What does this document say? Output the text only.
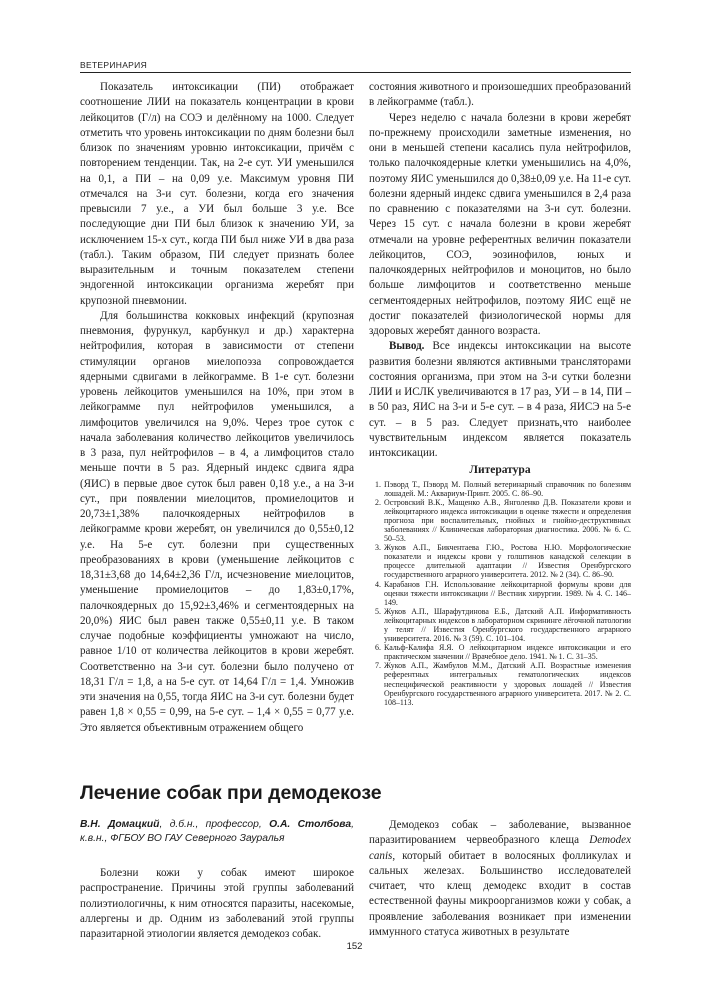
ВЕТЕРИНАРИЯ

Показатель интоксикации (ПИ) отображает соотношение ЛИИ на показатель концентрации в крови лейкоцитов (Г/л) на СОЭ и делённому на 1000. Следует отметить что уровень интоксикации по дням болезни был близок по значениям уровню интоксикации, причём с повторением тенденции. Так, на 2-е сут. УИ уменьшился на 0,1, а ПИ – на 0,09 у.е. Максимум уровня ПИ отмечался на 3-и сут. болезни, когда его значения превысили 7 у.е., а УИ был больше 3 у.е. Все последующие дни ПИ был близок к значению УИ, за исключением 15-х сут., когда ПИ был ниже УИ в два раза (табл.). Таким образом, ПИ следует признать более выразительным и точным показателем степени эндогенной интоксикации организма жеребят при крупозной пневмонии.

Для большинства кокковых инфекций (крупозная пневмония, фурункул, карбункул и др.) характерна нейтрофилия, которая в зависимости от степени стимуляции органов миелопоэза сопровождается ядерными сдвигами в лейкограмме. В 1-е сут. болезни уровень лейкоцитов уменьшился на 10%, при этом в лейкограмме пул нейтрофилов уменьшился, а лимфоцитов увеличился на 9,0%. Через трое суток с начала заболевания количество лейкоцитов увеличилось в 3 раза, пул нейтрофилов – в 4, а лимфоцитов стало меньше почти в 5 раз. Ядерный индекс сдвига ядра (ЯИС) в первые двое суток был равен 0,18 у.е., а на 3-и сут., при появлении миелоцитов, промиелоцитов и 20,73±1,38% палочкоядерных нейтрофилов в лейкограмме крови жеребят, он увеличился до 0,55±0,12 у.е. На 5-е сут. болезни при существенных преобразованиях в крови (уменьшение лейкоцитов с 18,31±3,68 до 14,64±2,36 Г/л, исчезновение миелоцитов, уменьшение промиелоцитов – до 1,83±0,17%, палочкоядерных до 15,92±3,46% и сегментоядерных на 20,0%) ЯИС был равен также 0,55±0,11 у.е. В таком случае подобные коэффициенты умножают на число, равное 1/10 от количества лейкоцитов в крови жеребят. Соответственно на 3-и сут. болезни было получено от 18,31 Г/л = 1,8, а на 5-е сут. от 14,64 Г/л = 1,4. Умножив эти значения на 0,55, тогда ЯИС на 3-и сут. болезни будет равен 1,8 × 0,55 = 0,99, на 5-е сут. – 1,4 × 0,55 = 0,77 у.е. Это является объективным отражением общего

состояния животного и произошедших преобразований в лейкограмме (табл.).

Через неделю с начала болезни в крови жеребят по-прежнему происходили заметные изменения, но они в меньшей степени касались пула нейтрофилов, только палочкоядерные клетки уменьшились на 4,0%, поэтому ЯИС уменьшился до 0,38±0,09 у.е. На 11-е сут. болезни ядерный индекс сдвига уменьшился в 2,4 раза по сравнению с показателями на 3-и сут. болезни. Через 15 сут. с начала болезни в крови жеребят отмечали на уровне референтных величин показатели лейкоцитов, СОЭ, эозинофилов, юных и палочкоядерных нейтрофилов и моноцитов, но было больше лимфоцитов и соответственно меньше сегментоядерных нейтрофилов, поэтому ЯИС ещё не достиг показателей физиологической нормы для здоровых жеребят данного возраста.

Вывод. Все индексы интоксикации на высоте развития болезни являются активными трансляторами состояния организма, при этом на 3-и сутки болезни ЛИИ и ИСЛК увеличиваются в 17 раз, УИ – в 14, ПИ – в 50 раз, ЯИС на 3-и и 5-е сут. – в 4 раза, ЯИСЭ на 5-е сут. – в 5 раз. Следует признать,что наиболее чувствительным индексом является показатель интоксикации.

Литература
1. Пэворд Т., Пэворд М. Полный ветеринарный справочник по болезням лошадей. М.: Аквариум-Принт. 2005. С. 86–90.
2. Островский В.К., Мащенко А.В., Янголенко Д.В. Показатели крови и лейкоцитарного индекса интоксикации в оценке тяжести и определения прогноза при воспалительных, гнойных и гнойно-деструктивных заболеваниях // Клиническая лабораторная диагностика. 2006. № 6. С. 50–53.
3. Жуков А.П., Бикчентаева Г.Ю., Ростова Н.Ю. Морфологические показатели и индексы крови у голштинов канадской селекции в процессе длительной адаптации // Известия Оренбургского государственного аграрного университета. 2012. № 2 (34). С. 86–90.
4. Карабанов Г.Н. Использование лейкоцитарной формулы крови для оценки тяжести интоксикации // Вестник хирургии. 1989. № 4. С. 146–149.
5. Жуков А.П., Шарафутдинова Е.Б., Датский А.П. Информативность лейкоцитарных индексов в лабораторном скрининге лёгочной патологии у телят // Известия Оренбургского государственного аграрного университета. 2016. № 3 (59). С. 101–104.
6. Кальф-Калифа Я.Я. О лейкоцитарном индексе интоксикации и его практическом значении // Врачебное дело. 1941. № 1. С. 31–35.
7. Жуков А.П., Жамбулов М.М., Датский А.П. Возрастные изменения референтных интегральных гематологических индексов неспецифической реактивности у здоровых лошадей // Известия Оренбургского государственного аграрного университета. 2017. № 2. С. 108–113.
Лечение собак при демодекозе
В.Н. Домацкий, д.б.н., профессор, О.А. Столбова, к.в.н., ФГБОУ ВО ГАУ Северного Зауралья

Болезни кожи у собак имеют широкое распространение. Причины этой группы заболеваний полиэтиологичны, к ним относятся паразиты, насекомые, аллергены и др. Одним из заболеваний этой группы паразитарной этиологии является демодекоз собак.

Демодекоз собак – заболевание, вызванное паразитированием червеобразного клеща Demodex canis, который обитает в волосяных фолликулах и сальных железах. Большинство исследователей считает, что клещ демодекс входит в состав естественной фауны микроорганизмов кожи у собак, а проявление заболевания возникает при изменении иммунного статуса животных в результате

152
